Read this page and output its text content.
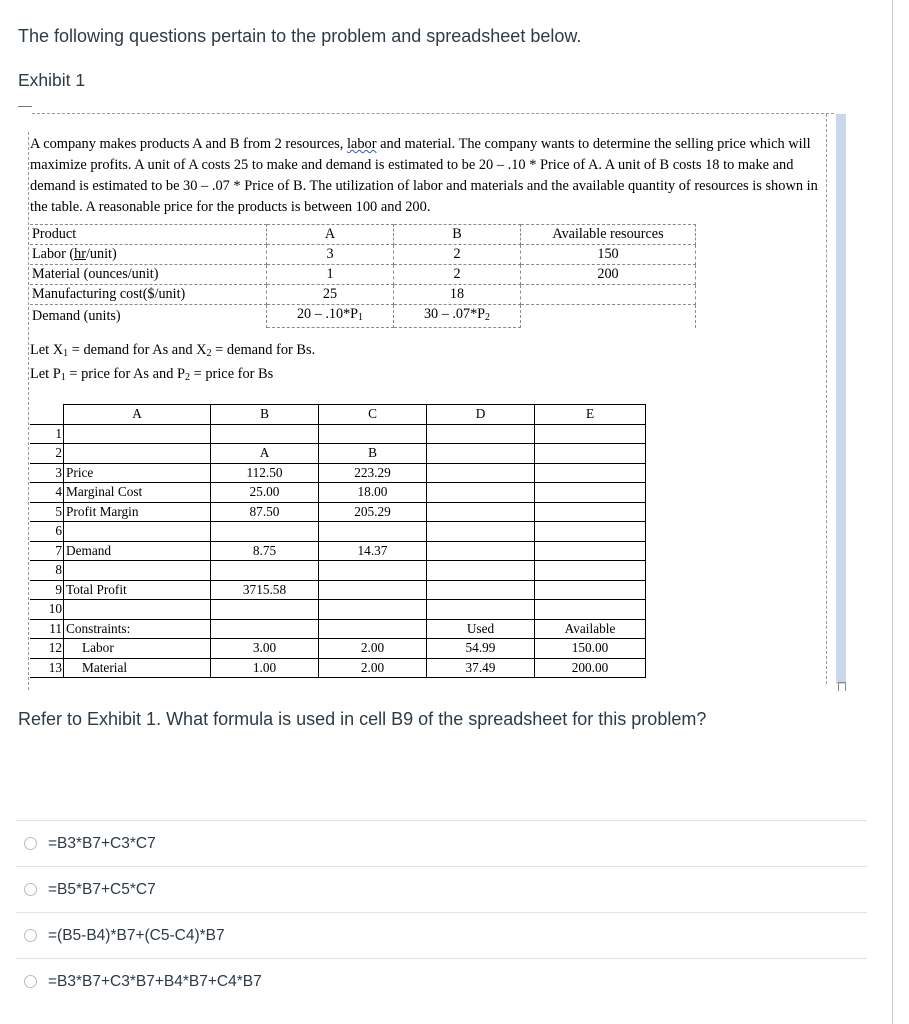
The following questions pertain to the problem and spreadsheet below.

Exhibit 1

A company makes products A and B from 2 resources, labor and material. The company wants to determine the selling price which will maximize profits. A unit of A costs 25 to make and demand is estimated to be 20 – .10 * Price of A. A unit of B costs 18 to make and demand is estimated to be 30 – .07 * Price of B. The utilization of labor and materials and the available quantity of resources is shown in the table. A reasonable price for the products is between 100 and 200.

Product	A	B	Available resources
Labor (hr/unit)	3	2	150
Material (ounces/unit)	1	2	200
Manufacturing cost($/unit)	25	18	
Demand (units)	$20 - .10*P_1$	$30 - .07*P_2$	

Let $X_1$ = demand for As and $X_2$ = demand for Bs.

Let $P_1$ = price for As and $P_2$ = price for Bs

	A	B	C	D	E
1					
2		A	B		
3	Price	112.50	223.29		
4	Marginal Cost	25.00	18.00		
5	Profit Margin	87.50	205.29		
6					
7	Demand	8.75	14.37		
8					
9	Total Profit	3715.58			
10					
11	Constraints:			Used	Available
12	Labor	3.00	2.00	54.99	150.00
13	Material	1.00	2.00	37.49	200.00

Refer to Exhibit 1. What formula is used in cell B9 of the spreadsheet for this problem?

=B3*B7+C3*C7
=B5*B7+C5*C7
=(B5-B4)*B7+(C5-C4)*B7
=B3*B7+C3*B7+B4*B7+C4*B7
